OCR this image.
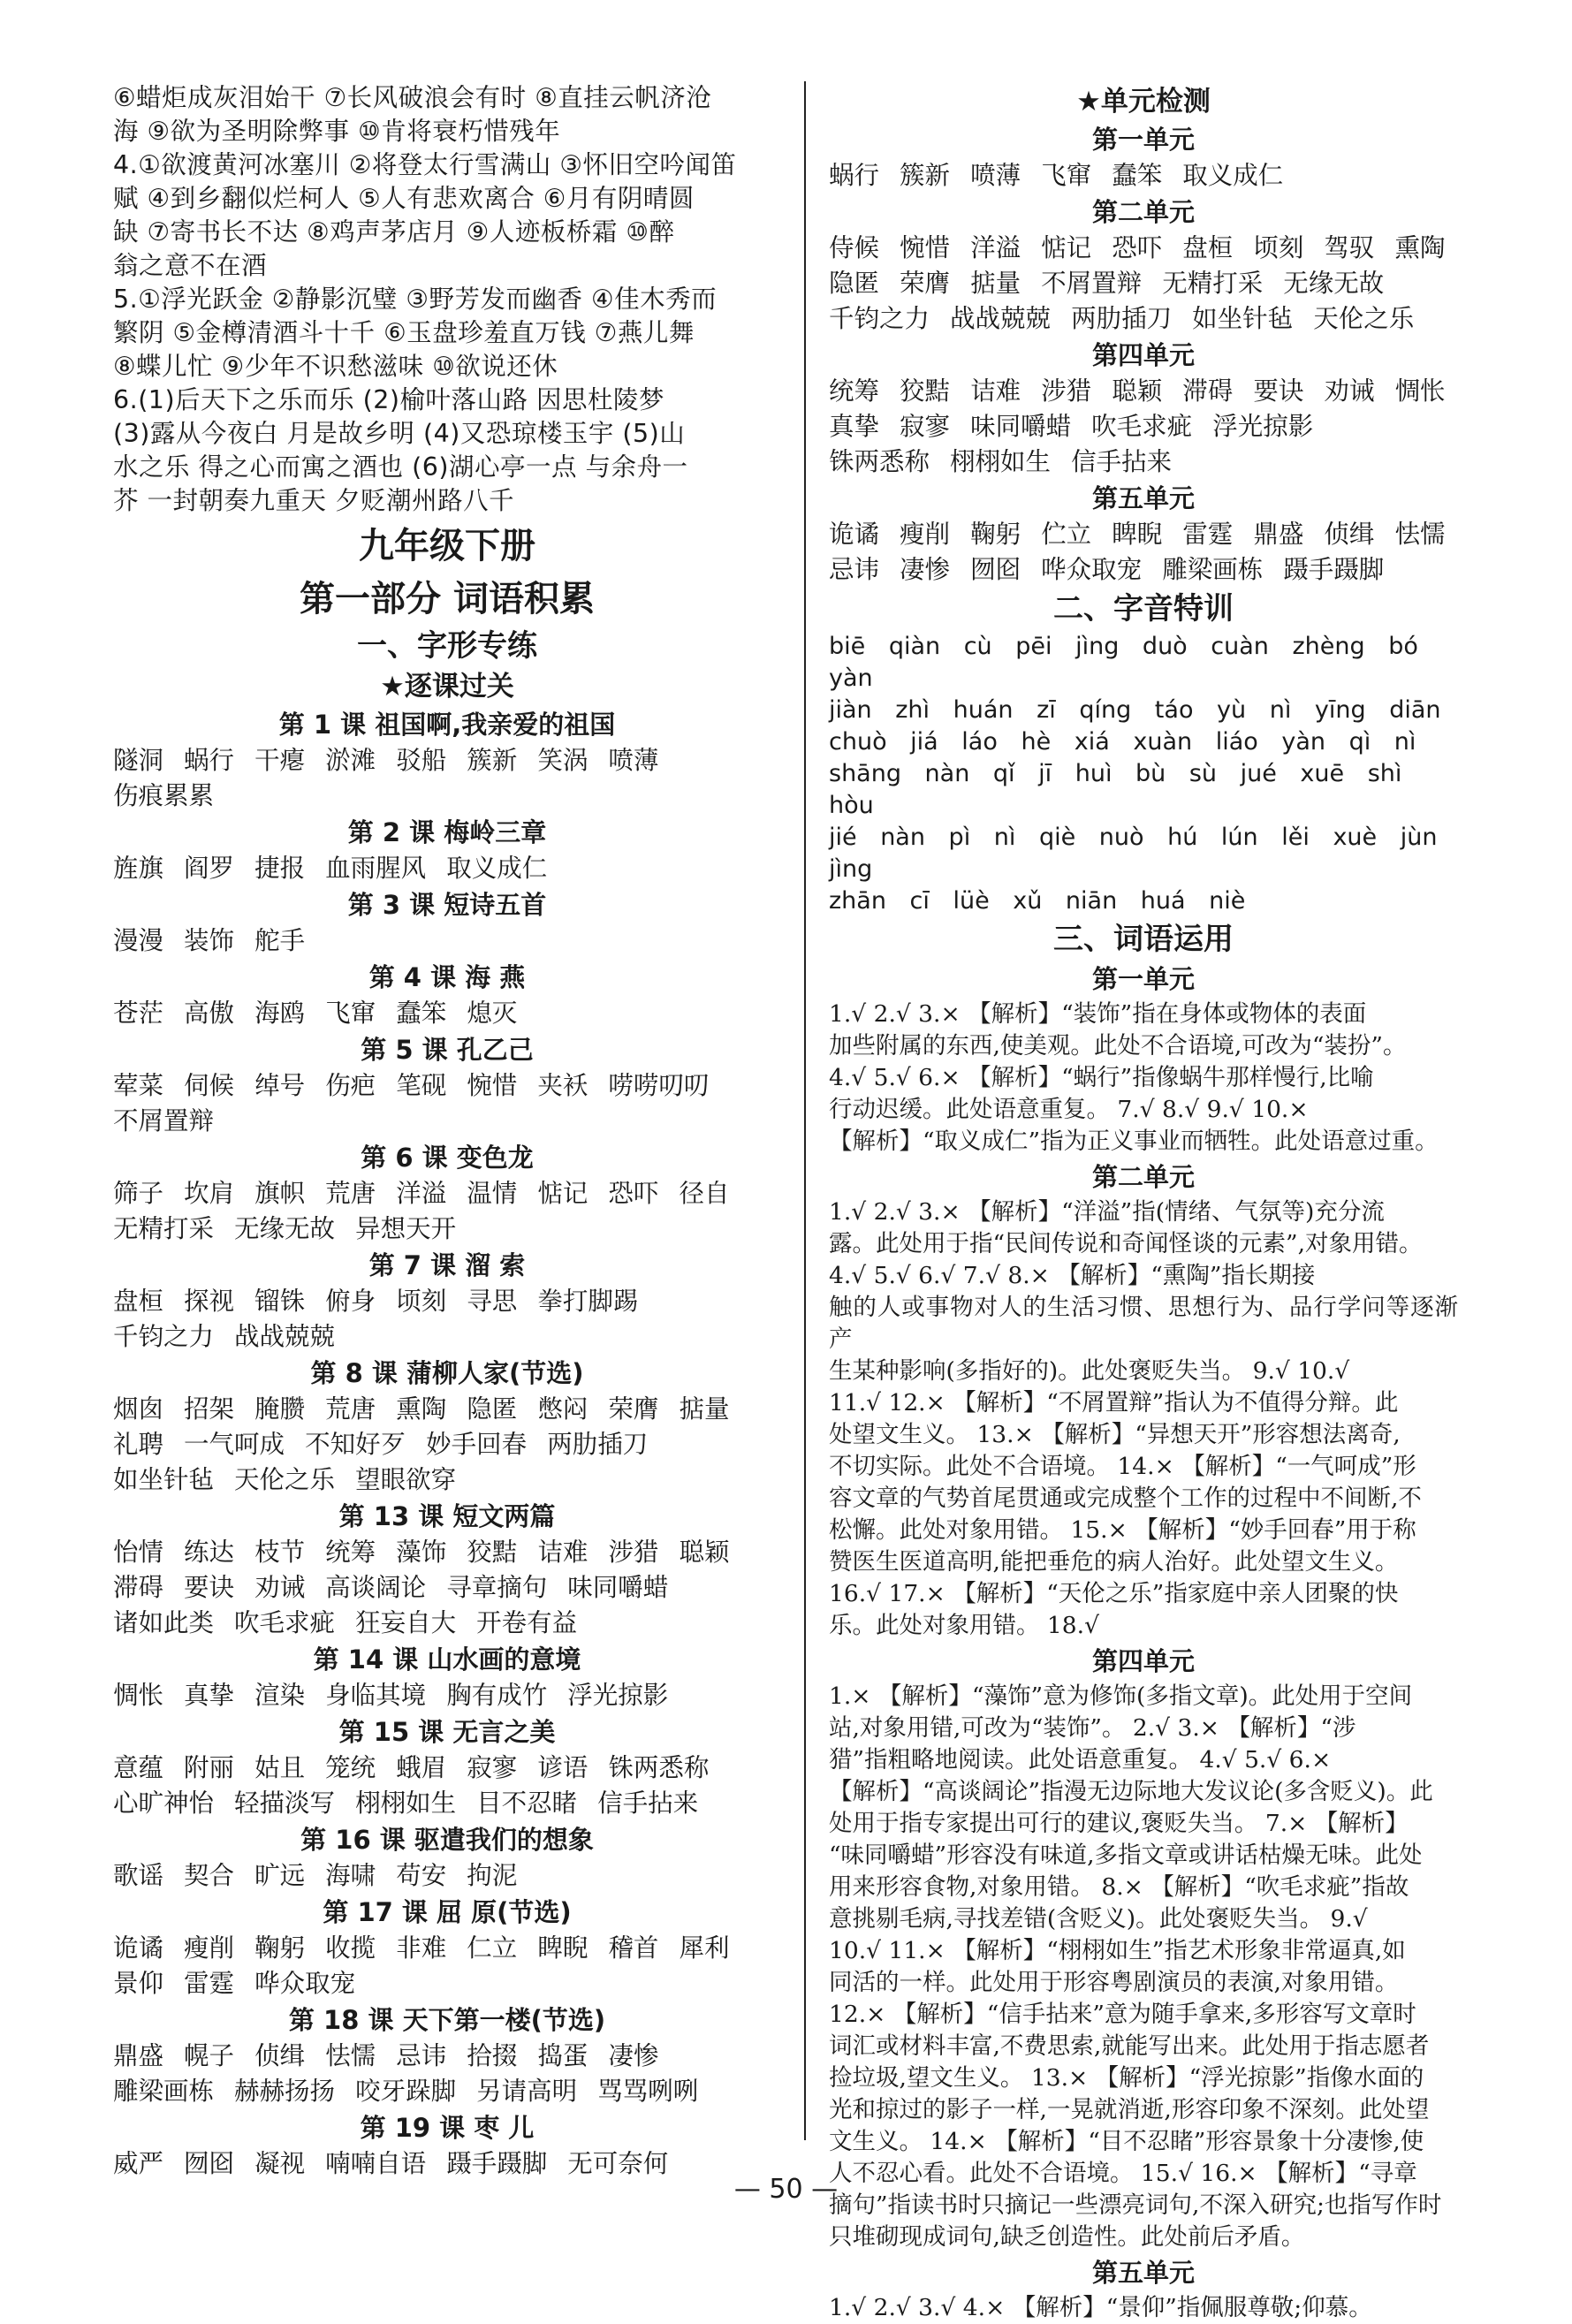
⑥蜡炬成灰泪始干 ⑦长风破浪会有时 ⑧直挂云帆济沧

海 ⑨欲为圣明除弊事 ⑩肯将衰朽惜残年

4.①欲渡黄河冰塞川 ②将登太行雪满山 ③怀旧空吟闻笛

赋 ④到乡翻似烂柯人 ⑤人有悲欢离合 ⑥月有阴晴圆

缺 ⑦寄书长不达 ⑧鸡声茅店月 ⑨人迹板桥霜 ⑩醉

翁之意不在酒

5.①浮光跃金 ②静影沉璧 ③野芳发而幽香 ④佳木秀而

繁阴 ⑤金樽清酒斗十千 ⑥玉盘珍羞直万钱 ⑦燕儿舞

⑧蝶儿忙 ⑨少年不识愁滋味 ⑩欲说还休

6.(1)后天下之乐而乐 (2)榆叶落山路 因思杜陵梦

(3)露从今夜白 月是故乡明 (4)又恐琼楼玉宇 (5)山

水之乐 得之心而寓之酒也 (6)湖心亭一点 与余舟一

芥 一封朝奏九重天 夕贬潮州路八千

九年级下册
第一部分 词语积累
一、字形专练
★逐课过关
第 1 课 祖国啊,我亲爱的祖国

隧洞 蜗行 干瘪 淤滩 驳船 簇新 笑涡 喷薄

伤痕累累

第 2 课 梅岭三章

旌旗 阎罗 捷报 血雨腥风 取义成仁

第 3 课 短诗五首

漫漫 装饰 舵手

第 4 课 海 燕

苍茫 高傲 海鸥 飞窜 蠢笨 熄灭

第 5 课 孔乙己

荤菜 伺候 绰号 伤疤 笔砚 惋惜 夹袄 唠唠叨叨

不屑置辩

第 6 课 变色龙

筛子 坎肩 旗帜 荒唐 洋溢 温情 惦记 恐吓 径自

无精打采 无缘无故 异想天开

第 7 课 溜 索

盘桓 探视 镏铢 俯身 顷刻 寻思 拳打脚踢

千钧之力 战战兢兢

第 8 课 蒲柳人家(节选)

烟囱 招架 腌臜 荒唐 熏陶 隐匿 憋闷 荣膺 掂量

礼聘 一气呵成 不知好歹 妙手回春 两肋插刀

如坐针毡 天伦之乐 望眼欲穿

第 13 课 短文两篇

怡情 练达 枝节 统筹 藻饰 狡黠 诘难 涉猎 聪颖

滞碍 要诀 劝诫 高谈阔论 寻章摘句 味同嚼蜡

诸如此类 吹毛求疵 狂妄自大 开卷有益

第 14 课 山水画的意境

惆怅 真挚 渲染 身临其境 胸有成竹 浮光掠影

第 15 课 无言之美

意蕴 附丽 姑且 笼统 蛾眉 寂寥 谚语 铢两悉称

心旷神怡 轻描淡写 栩栩如生 目不忍睹 信手拈来

第 16 课 驱遣我们的想象

歌谣 契合 旷远 海啸 苟安 拘泥

第 17 课 屈 原(节选)

诡谲 瘦削 鞠躬 收揽 非难 仁立 睥睨 稽首 犀利

景仰 雷霆 哗众取宠

第 18 课 天下第一楼(节选)

鼎盛 幌子 侦缉 怯懦 忌讳 拾掇 捣蛋 凄惨

雕梁画栋 赫赫扬扬 咬牙跺脚 另请高明 骂骂咧咧

第 19 课 枣 儿

威严 囫囵 凝视 喃喃自语 蹑手蹑脚 无可奈何

★单元检测
第一单元

蜗行 簇新 喷薄 飞窜 蠢笨 取义成仁

第二单元

侍候 惋惜 洋溢 惦记 恐吓 盘桓 顷刻 驾驭 熏陶

隐匿 荣膺 掂量 不屑置辩 无精打采 无缘无故

千钧之力 战战兢兢 两肋插刀 如坐针毡 天伦之乐

第四单元

统筹 狡黠 诘难 涉猎 聪颖 滞碍 要诀 劝诫 惆怅

真挚 寂寥 味同嚼蜡 吹毛求疵 浮光掠影

铢两悉称 栩栩如生 信手拈来

第五单元

诡谲 瘦削 鞠躬 伫立 睥睨 雷霆 鼎盛 侦缉 怯懦

忌讳 凄惨 囫囵 哗众取宠 雕梁画栋 蹑手蹑脚

二、字音特训

biē qiàn cù pēi jìng duò cuàn zhèng bó yàn

jiàn zhì huán zī qíng táo yù nì yīng diān

chuò jiá láo hè xiá xuàn liáo yàn qì nì

shāng nàn qǐ jī huì bù sù jué xuē shì hòu

jié nàn pì nì qiè nuò hú lún lěi xuè jùn jìng

zhān cī lüè xǔ niān huá niè

三、词语运用
第一单元

1.√ 2.√ 3.× 【解析】“装饰”指在身体或物体的表面

加些附属的东西,使美观。此处不合语境,可改为“装扮”。

4.√ 5.√ 6.× 【解析】“蜗行”指像蜗牛那样慢行,比喻

行动迟缓。此处语意重复。 7.√ 8.√ 9.√ 10.×

【解析】“取义成仁”指为正义事业而牺牲。此处语意过重。

第二单元

1.√ 2.√ 3.× 【解析】“洋溢”指(情绪、气氛等)充分流

露。此处用于指“民间传说和奇闻怪谈的元素”,对象用错。

4.√ 5.√ 6.√ 7.√ 8.× 【解析】“熏陶”指长期接

触的人或事物对人的生活习惯、思想行为、品行学问等逐渐产

生某种影响(多指好的)。此处褒贬失当。 9.√ 10.√

11.√ 12.× 【解析】“不屑置辩”指认为不值得分辩。此

处望文生义。 13.× 【解析】“异想天开”形容想法离奇,

不切实际。此处不合语境。 14.× 【解析】“一气呵成”形

容文章的气势首尾贯通或完成整个工作的过程中不间断,不

松懈。此处对象用错。 15.× 【解析】“妙手回春”用于称

赞医生医道高明,能把垂危的病人治好。此处望文生义。

16.√ 17.× 【解析】“天伦之乐”指家庭中亲人团聚的快

乐。此处对象用错。 18.√

第四单元

1.× 【解析】“藻饰”意为修饰(多指文章)。此处用于空间

站,对象用错,可改为“装饰”。 2.√ 3.× 【解析】“涉

猎”指粗略地阅读。此处语意重复。 4.√ 5.√ 6.×

【解析】“高谈阔论”指漫无边际地大发议论(多含贬义)。此

处用于指专家提出可行的建议,褒贬失当。 7.× 【解析】

“味同嚼蜡”形容没有味道,多指文章或讲话枯燥无味。此处

用来形容食物,对象用错。 8.× 【解析】“吹毛求疵”指故

意挑剔毛病,寻找差错(含贬义)。此处褒贬失当。 9.√

10.√ 11.× 【解析】“栩栩如生”指艺术形象非常逼真,如

同活的一样。此处用于形容粤剧演员的表演,对象用错。

12.× 【解析】“信手拈来”意为随手拿来,多形容写文章时

词汇或材料丰富,不费思索,就能写出来。此处用于指志愿者

捡垃圾,望文生义。 13.× 【解析】“浮光掠影”指像水面的

光和掠过的影子一样,一晃就消逝,形容印象不深刻。此处望

文生义。 14.× 【解析】“目不忍睹”形容景象十分凄惨,使

人不忍心看。此处不合语境。 15.√ 16.× 【解析】“寻章

摘句”指读书时只摘记一些漂亮词句,不深入研究;也指写作时

只堆砌现成词句,缺乏创造性。此处前后矛盾。

第五单元

1.√ 2.√ 3.√ 4.× 【解析】“景仰”指佩服尊敬;仰慕。

— 50 —
